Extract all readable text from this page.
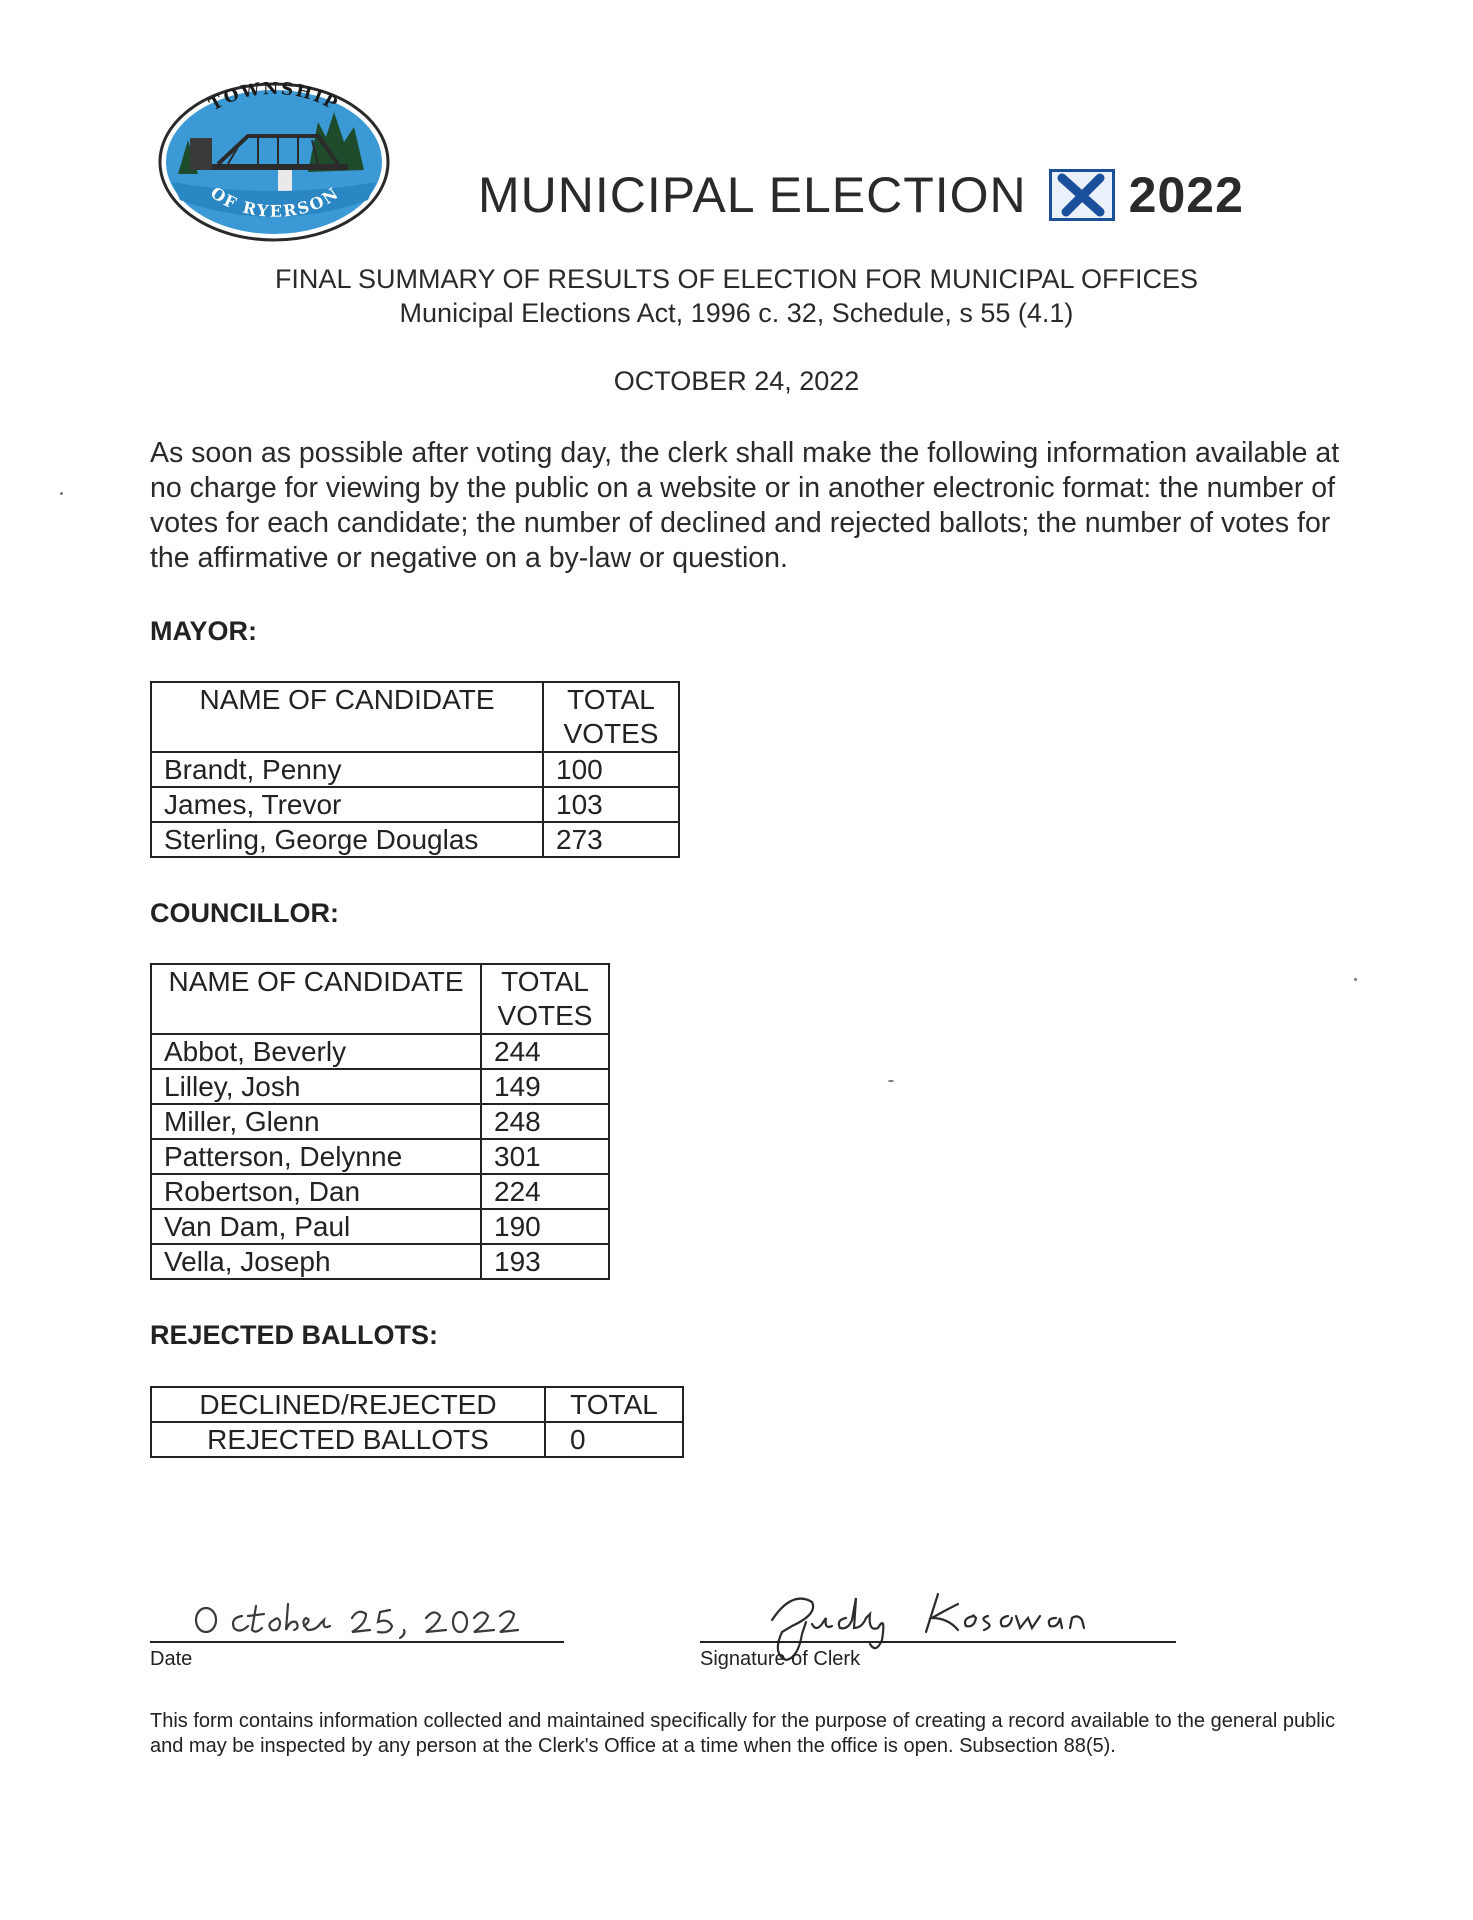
TOWNSHIP
OF RYERSON	MUNICIPAL ELECTION 2022
FINAL SUMMARY OF RESULTS OF ELECTION FOR MUNICIPAL OFFICES
Municipal Elections Act, 1996 c. 32, Schedule, s 55 (4.1)
OCTOBER 24, 2022
As soon as possible after voting day, the clerk shall make the following information available at no charge for viewing by the public on a website or in another electronic format: the number of votes for each candidate; the number of declined and rejected ballots; the number of votes for the affirmative or negative on a by-law or question.
MAYOR:
NAME OF CANDIDATE	TOTAL
VOTES
Brandt, Penny	100
James, Trevor	103
Sterling, George Douglas	273
COUNCILLOR:
NAME OF CANDIDATE	TOTAL
VOTES
Abbot, Beverly	244
Lilley, Josh	149
Miller, Glenn	248
Patterson, Delynne	301
Robertson, Dan	224
Van Dam, Paul	190
Vella, Joseph	193
REJECTED BALLOTS:
DECLINED/REJECTED	TOTAL
REJECTED BALLOTS	0
Date	Signature of Clerk
This form contains information collected and maintained specifically for the purpose of creating a record available to the general public and may be inspected by any person at the Clerk's Office at a time when the office is open. Subsection 88(5).
